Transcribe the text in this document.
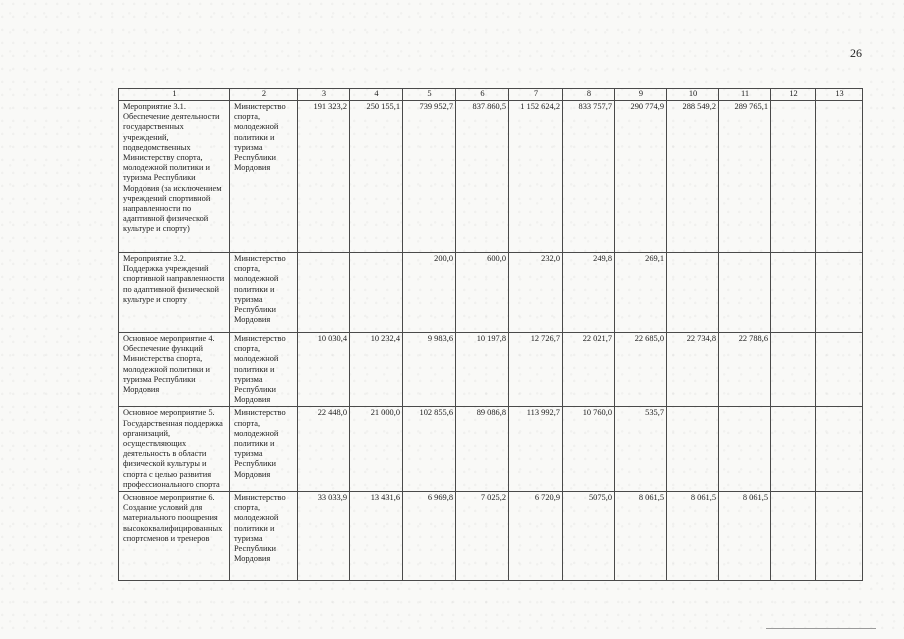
26
1	2	3	4	5	6	7	8	9	10	11	12	13
Мероприятие 3.1. Обеспечение деятельности государственных учреждений, подведомственных Министерству спорта, молодежной политики и туризма Республики Мордовия (за исключением учреждений спортивной направленности по адаптивной физической культуре и спорту)	Министерство спорта, молодежной политики и туризма Республики Мордовия	191 323,2	250 155,1	739 952,7	837 860,5	1 152 624,2	833 757,7	290 774,9	288 549,2	289 765,1		
Мероприятие 3.2. Поддержка учреждений спортивной направленности по адаптивной физической культуре и спорту	Министерство спорта, молодежной политики и туризма Республики Мордовия			200,0	600,0	232,0	249,8	269,1				
Основное мероприятие 4. Обеспечение функций Министерства спорта, молодежной политики и туризма Республики Мордовия	Министерство спорта, молодежной политики и туризма Республики Мордовия	10 030,4	10 232,4	9 983,6	10 197,8	12 726,7	22 021,7	22 685,0	22 734,8	22 788,6		
Основное мероприятие 5. Государственная поддержка организаций, осуществляющих деятельность в области физической культуры и спорта с целью развития профессионального спорта	Министерство спорта, молодежной политики и туризма Республики Мордовия	22 448,0	21 000,0	102 855,6	89 086,8	113 992,7	10 760,0	535,7				
Основное мероприятие 6. Создание условий для материального поощрения высококвалифицированных спортсменов и тренеров	Министерство спорта, молодежной политики и туризма Республики Мордовия	33 033,9	13 431,6	6 969,8	7 025,2	6 720,9	5075,0	8 061,5	8 061,5	8 061,5		
